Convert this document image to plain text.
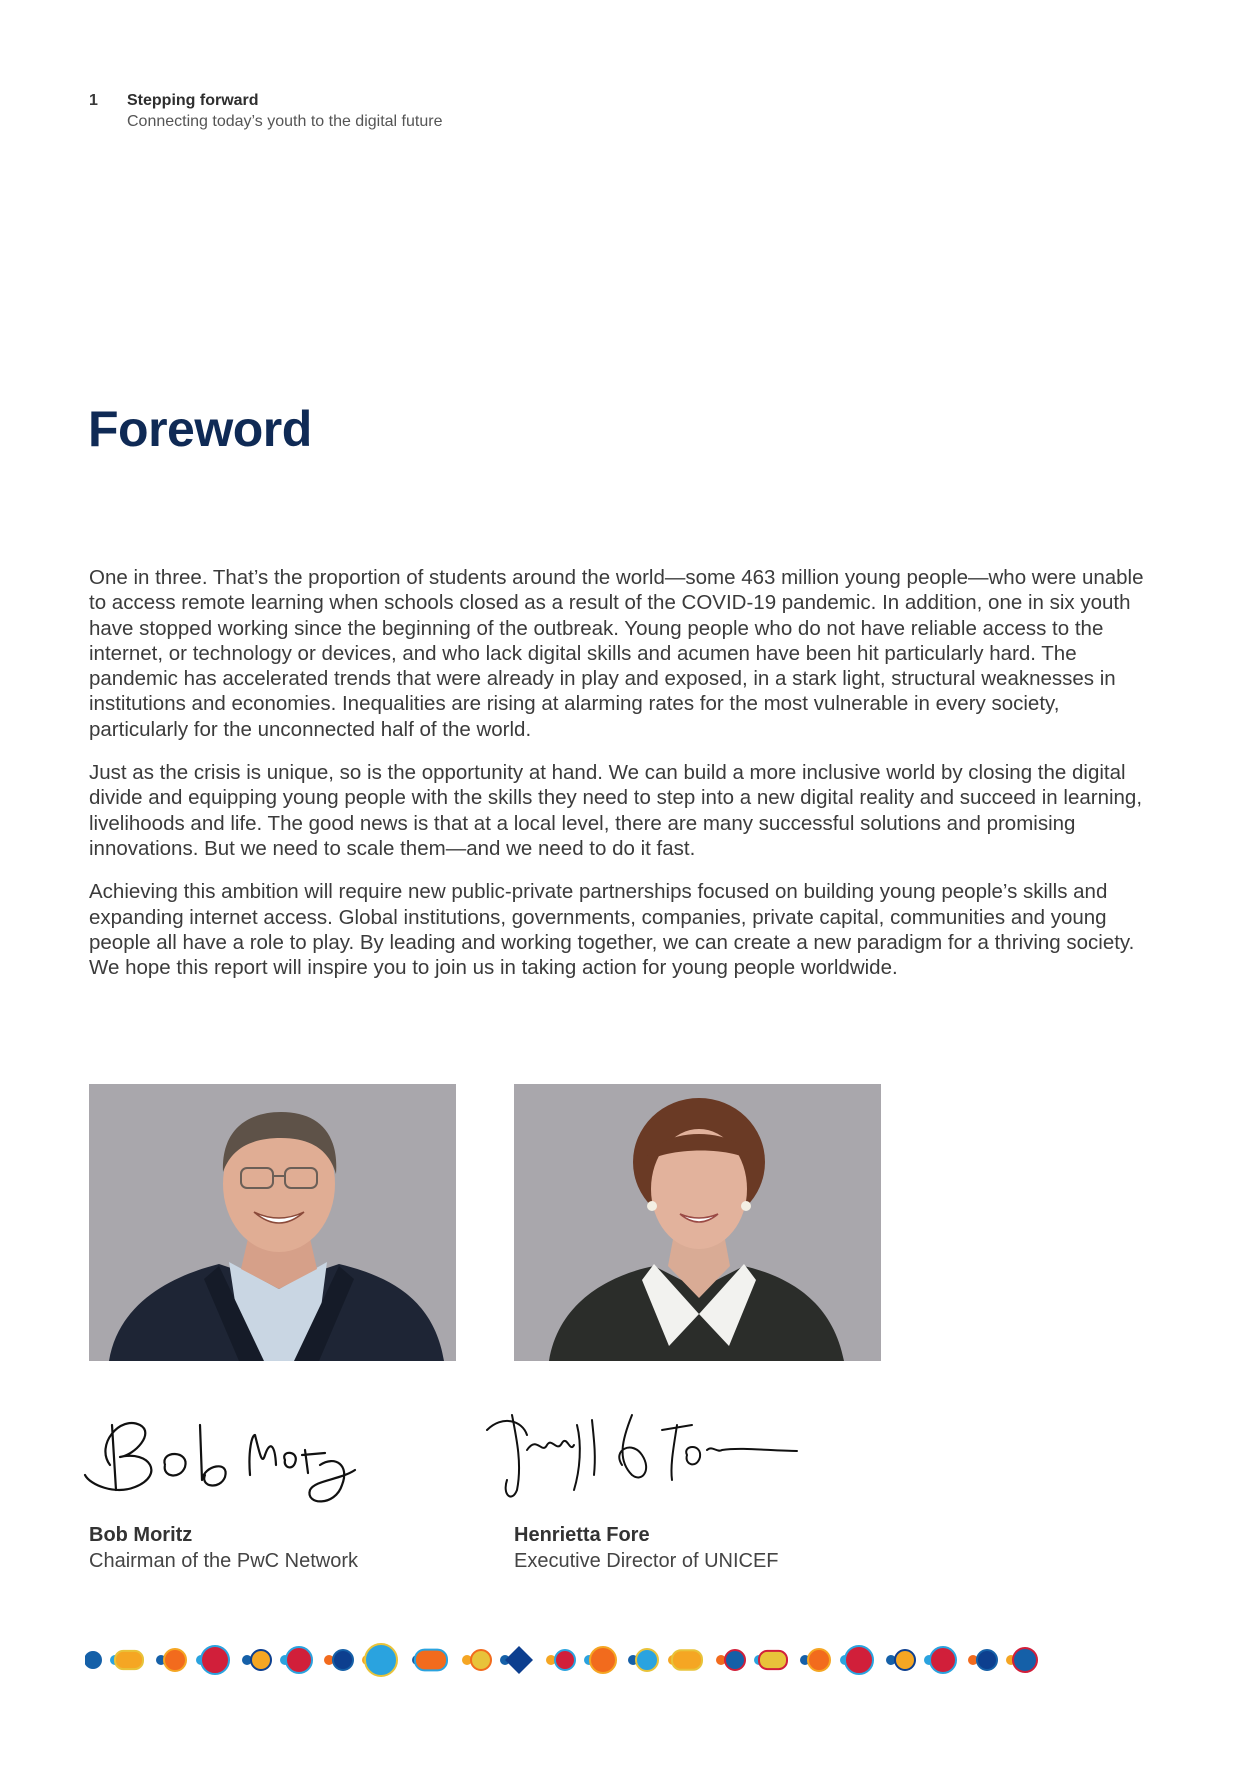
1 Stepping forward
Connecting today’s youth to the digital future
Foreword

One in three. That’s the proportion of students around the world—some 463 million young people—who were unable to access remote learning when schools closed as a result of the COVID-19 pandemic. In addition, one in six youth have stopped working since the beginning of the outbreak. Young people who do not have reliable access to the internet, or technology or devices, and who lack digital skills and acumen have been hit particularly hard. The pandemic has accelerated trends that were already in play and exposed, in a stark light, structural weaknesses in institutions and economies. Inequalities are rising at alarming rates for the most vulnerable in every society, particularly for the unconnected half of the world.

Just as the crisis is unique, so is the opportunity at hand. We can build a more inclusive world by closing the digital divide and equipping young people with the skills they need to step into a new digital reality and succeed in learning, livelihoods and life. The good news is that at a local level, there are many successful solutions and promising innovations. But we need to scale them—and we need to do it fast.

Achieving this ambition will require new public-private partnerships focused on building young people’s skills and expanding internet access. Global institutions, governments, companies, private capital, communities and young people all have a role to play. By leading and working together, we can create a new paradigm for a thriving society. We hope this report will inspire you to join us in taking action for young people worldwide.

Bob Moritz
Chairman of the PwC Network
Henrietta Fore
Executive Director of UNICEF
